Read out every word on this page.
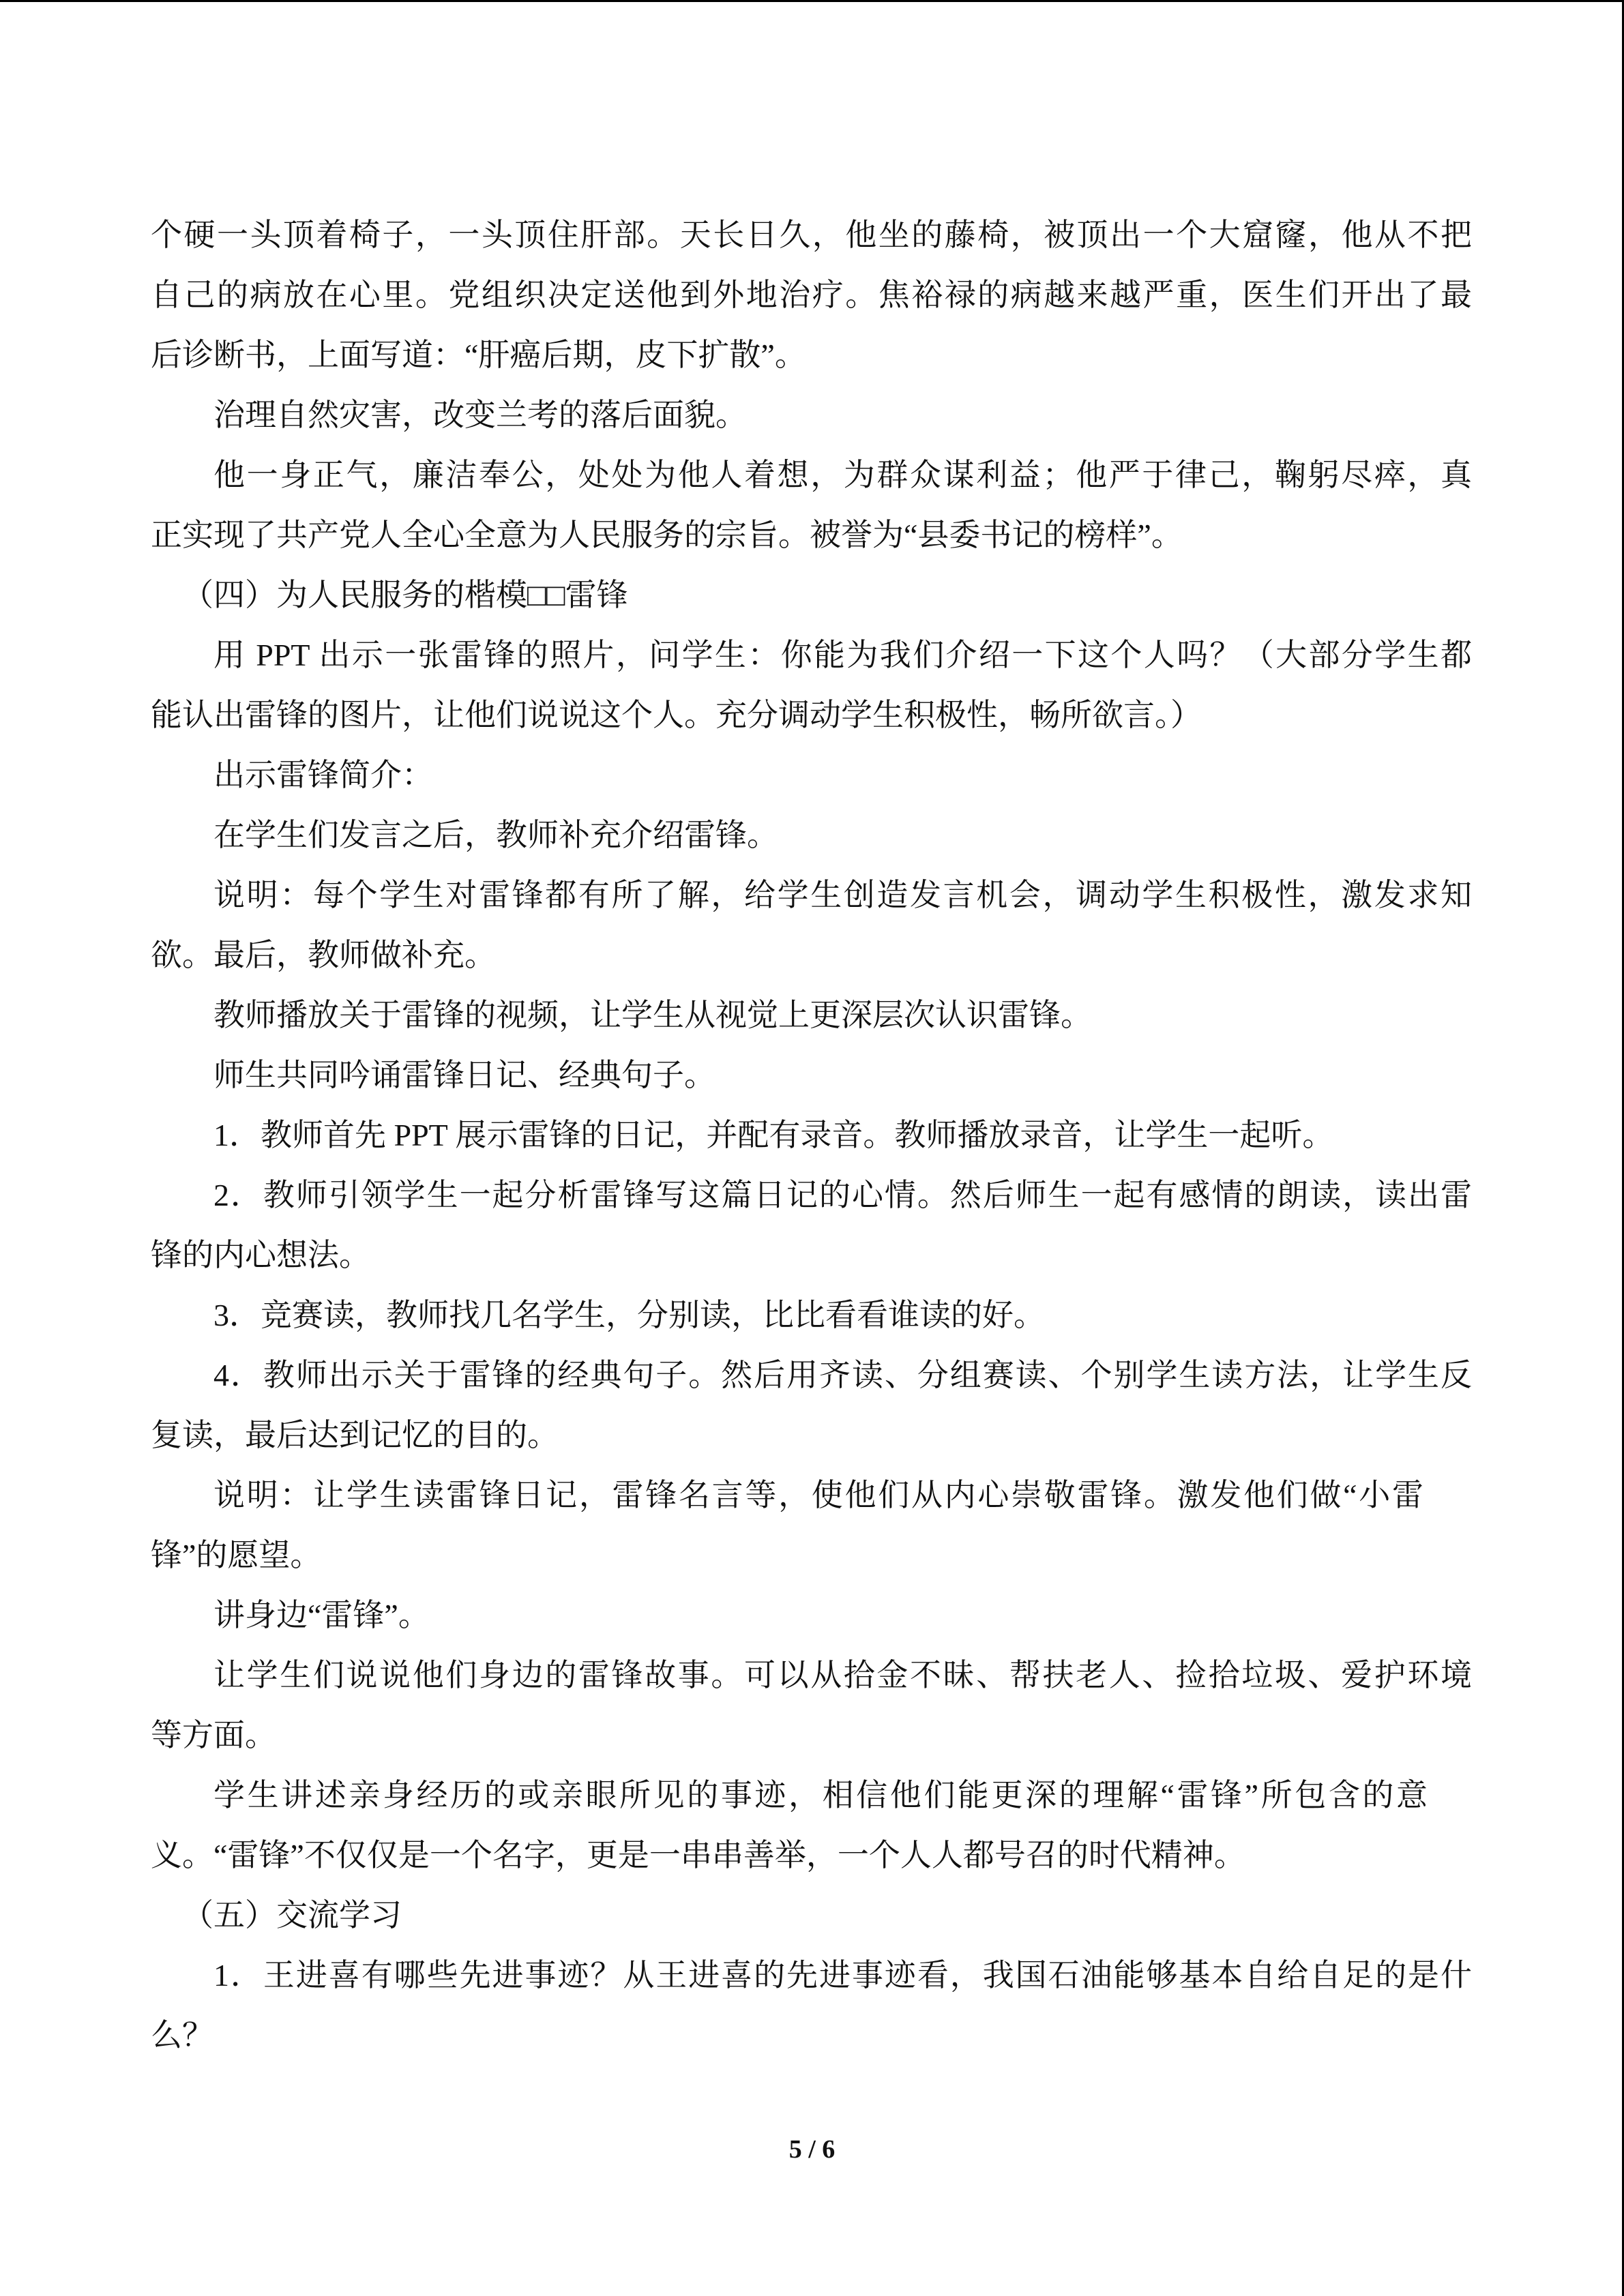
个硬一头顶着椅子，一头顶住肝部。天长日久，他坐的藤椅，被顶出一个大窟窿，他从不把
自己的病放在心里。党组织决定送他到外地治疗。焦裕禄的病越来越严重，医生们开出了最
后诊断书，上面写道：“肝癌后期，皮下扩散”。
治理自然灾害，改变兰考的落后面貌。
他一身正气，廉洁奉公，处处为他人着想，为群众谋利益；他严于律己，鞠躬尽瘁，真
正实现了共产党人全心全意为人民服务的宗旨。被誉为“县委书记的榜样”。
（四）为人民服务的楷模□□雷锋
用 PPT 出示一张雷锋的照片，问学生：你能为我们介绍一下这个人吗？（大部分学生都
能认出雷锋的图片，让他们说说这个人。充分调动学生积极性，畅所欲言。）
出示雷锋简介：
在学生们发言之后，教师补充介绍雷锋。
说明：每个学生对雷锋都有所了解，给学生创造发言机会，调动学生积极性，激发求知
欲。最后，教师做补充。
教师播放关于雷锋的视频，让学生从视觉上更深层次认识雷锋。
师生共同吟诵雷锋日记、经典句子。
1．教师首先 PPT 展示雷锋的日记，并配有录音。教师播放录音，让学生一起听。
2．教师引领学生一起分析雷锋写这篇日记的心情。然后师生一起有感情的朗读，读出雷
锋的内心想法。
3．竞赛读，教师找几名学生，分别读，比比看看谁读的好。
4．教师出示关于雷锋的经典句子。然后用齐读、分组赛读、个别学生读方法，让学生反
复读，最后达到记忆的目的。
说明：让学生读雷锋日记，雷锋名言等，使他们从内心崇敬雷锋。激发他们做“小雷
锋”的愿望。
讲身边“雷锋”。
让学生们说说他们身边的雷锋故事。可以从拾金不昧、帮扶老人、捡拾垃圾、爱护环境
等方面。
学生讲述亲身经历的或亲眼所见的事迹，相信他们能更深的理解“雷锋”所包含的意
义。“雷锋”不仅仅是一个名字，更是一串串善举，一个人人都号召的时代精神。
（五）交流学习
1．王进喜有哪些先进事迹？从王进喜的先进事迹看，我国石油能够基本自给自足的是什
么？
5 / 6
